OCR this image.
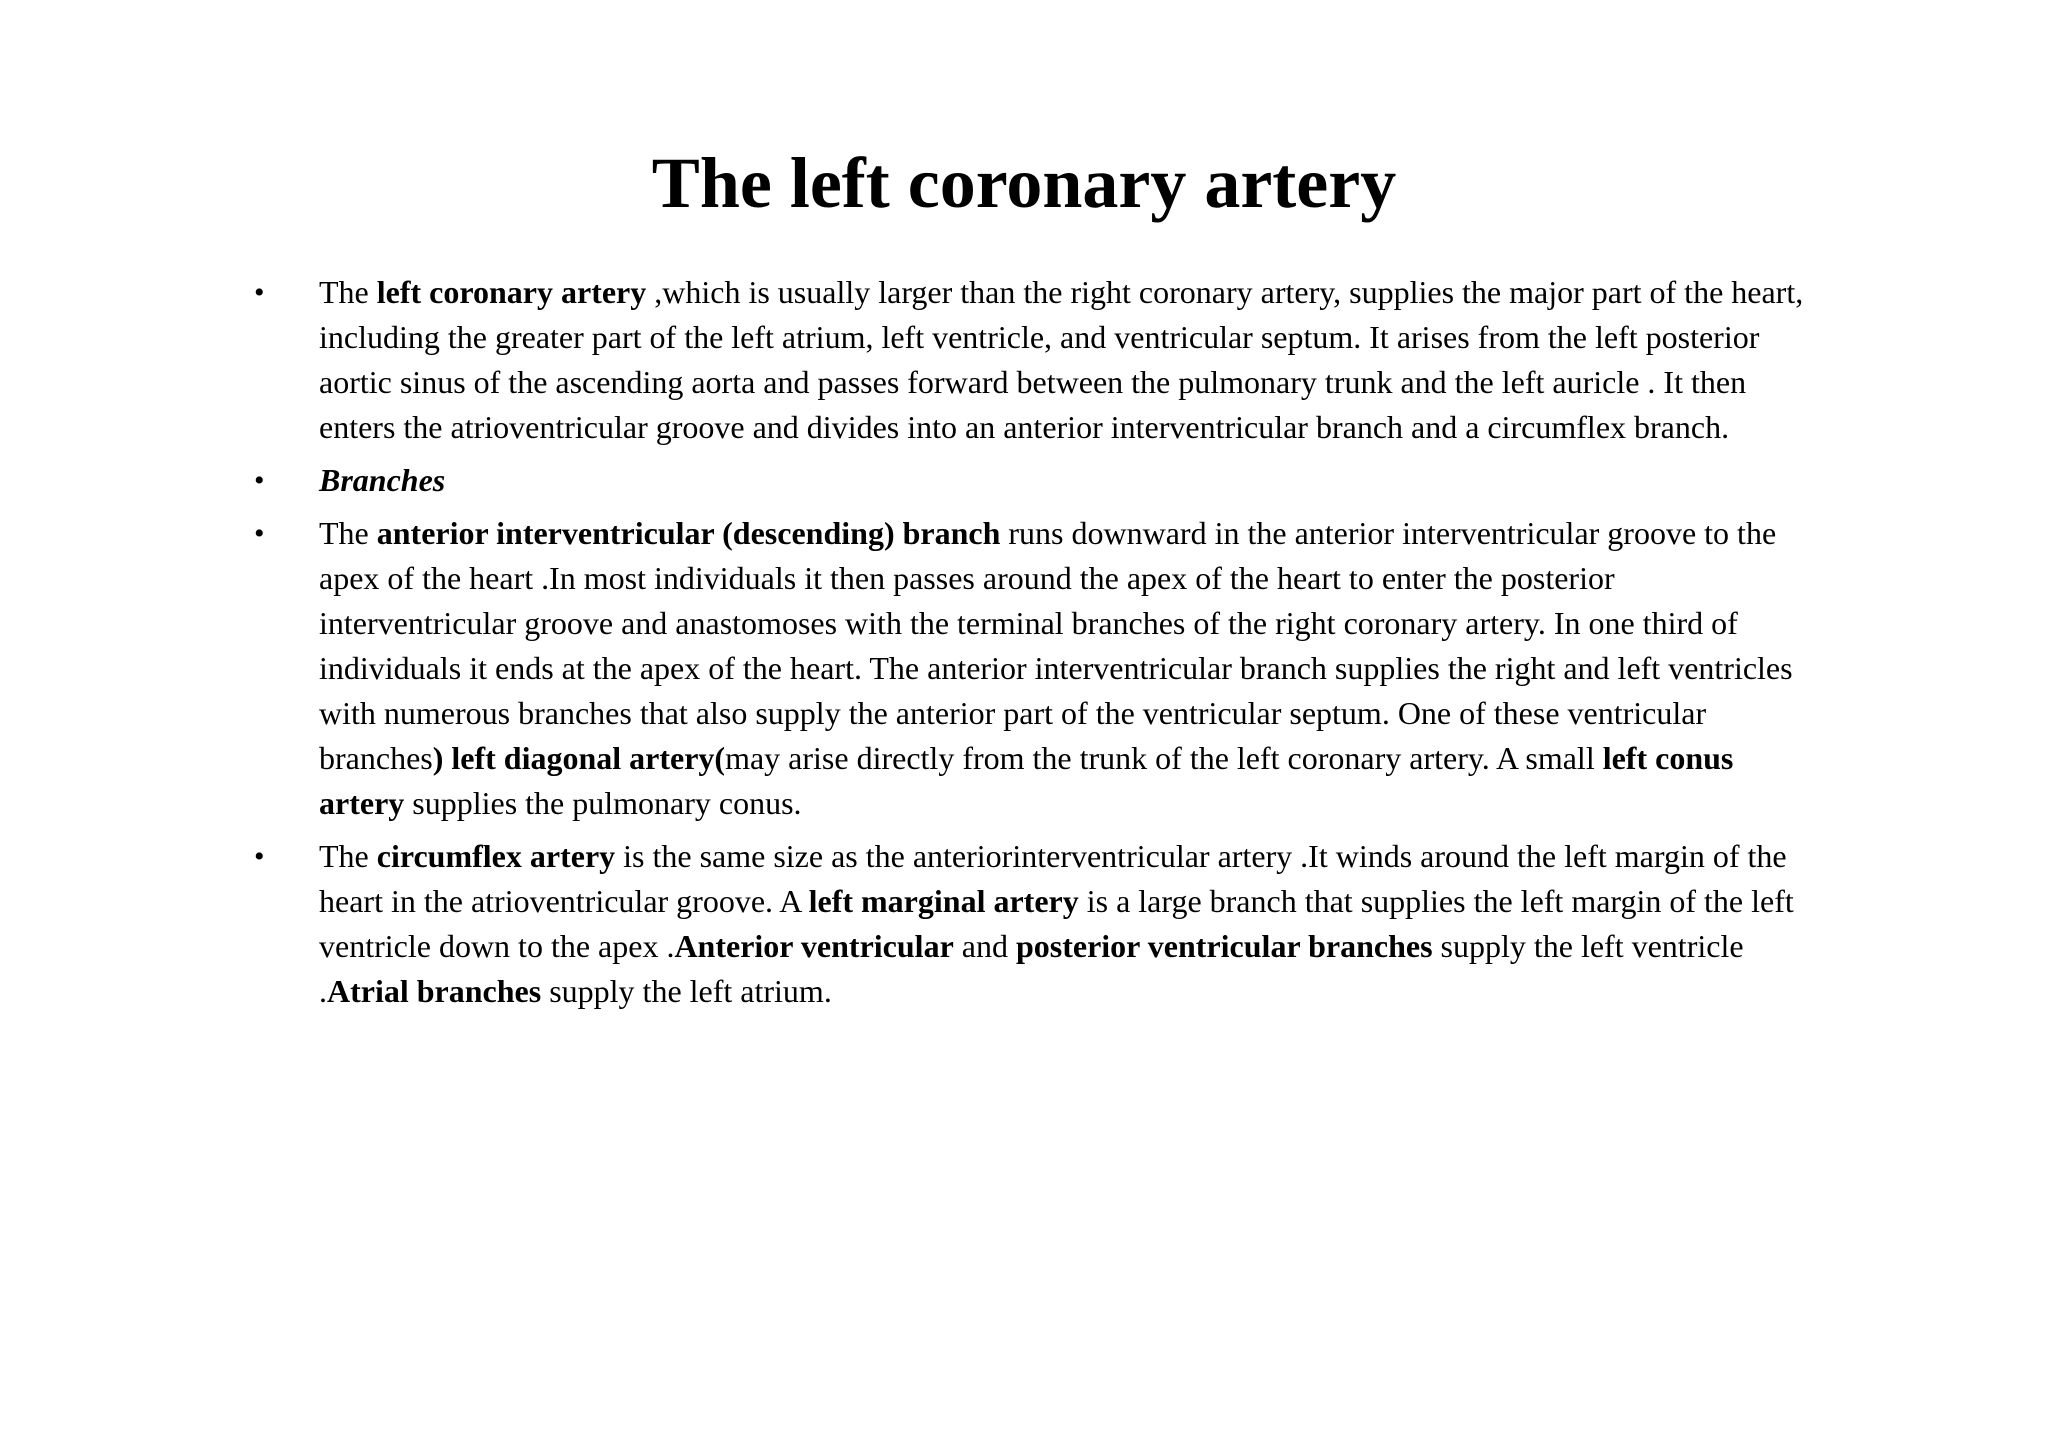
The left coronary artery
• The left coronary artery ,which is usually larger than the right coronary artery, supplies the major part of the heart, including the greater part of the left atrium, left ventricle, and ventricular septum. It arises from the left posterior aortic sinus of the ascending aorta and passes forward between the pulmonary trunk and the left auricle . It then enters the atrioventricular groove and divides into an anterior interventricular branch and a circumflex branch.
• Branches
• The anterior interventricular (descending) branch runs downward in the anterior interventricular groove to the apex of the heart .In most individuals it then passes around the apex of the heart to enter the posterior interventricular groove and anastomoses with the terminal branches of the right coronary artery. In one third of individuals it ends at the apex of the heart. The anterior interventricular branch supplies the right and left ventricles with numerous branches that also supply the anterior part of the ventricular septum. One of these ventricular branches) left diagonal artery(may arise directly from the trunk of the left coronary artery. A small left conus artery supplies the pulmonary conus.
• The circumflex artery is the same size as the anteriorinterventricular artery .It winds around the left margin of the heart in the atrioventricular groove. A left marginal artery is a large branch that supplies the left margin of the left ventricle down to the apex .Anterior ventricular and posterior ventricular branches supply the left ventricle .Atrial branches supply the left atrium.
